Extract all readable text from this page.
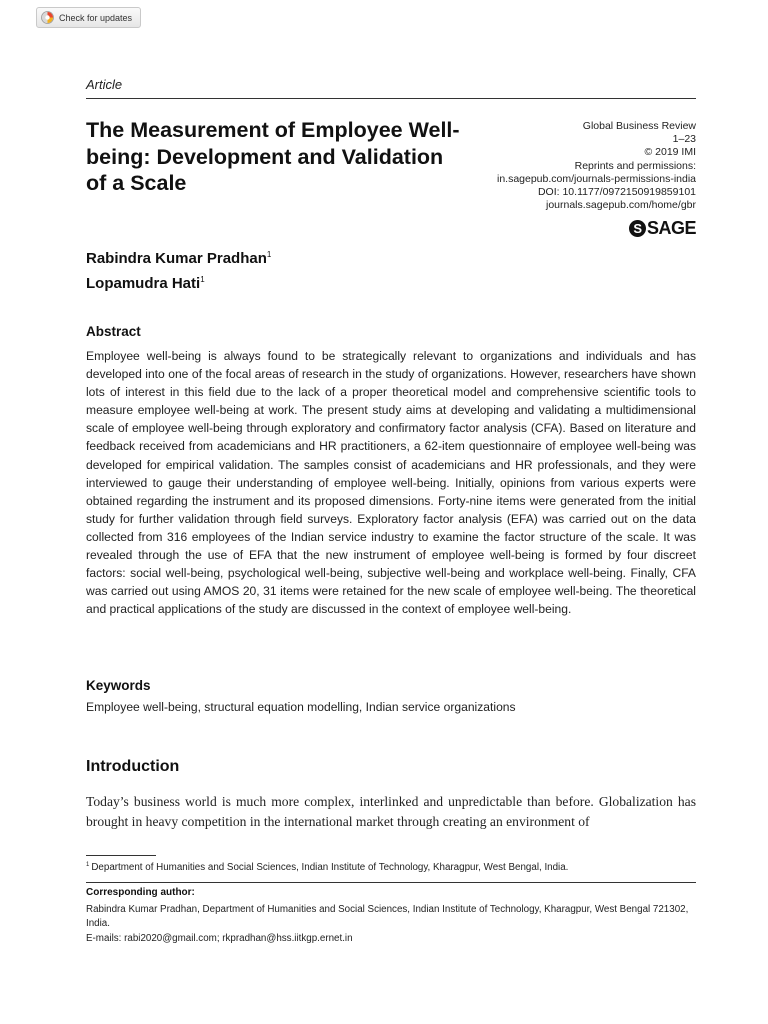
Check for updates
Article
The Measurement of Employee Well-being: Development and Validation of a Scale
Global Business Review
1–23
© 2019 IMI
Reprints and permissions:
in.sagepub.com/journals-permissions-india
DOI: 10.1177/0972150919859101
journals.sagepub.com/home/gbr
S SAGE
Rabindra Kumar Pradhan$^1$
Lopamudra Hati$^1$
Abstract

Employee well-being is always found to be strategically relevant to organizations and individuals and has developed into one of the focal areas of research in the study of organizations. However, researchers have shown lots of interest in this field due to the lack of a proper theoretical model and comprehensive scientific tools to measure employee well-being at work. The present study aims at developing and validating a multidimensional scale of employee well-being through exploratory and confirmatory factor analysis (CFA). Based on literature and feedback received from academicians and HR practitioners, a 62-item questionnaire of employee well-being was developed for empirical validation. The samples consist of academicians and HR professionals, and they were interviewed to gauge their understanding of employee well-being. Initially, opinions from various experts were obtained regarding the instrument and its proposed dimensions. Forty-nine items were generated from the initial study for further validation through field surveys. Exploratory factor analysis (EFA) was carried out on the data collected from 316 employees of the Indian service industry to examine the factor structure of the scale. It was revealed through the use of EFA that the new instrument of employee well-being is formed by four discreet factors: social well-being, psychological well-being, subjective well-being and workplace well-being. Finally, CFA was carried out using AMOS 20, 31 items were retained for the new scale of employee well-being. The theoretical and practical applications of the study are discussed in the context of employee well-being.

Keywords
Employee well-being, structural equation modelling, Indian service organizations
Introduction

Today’s business world is much more complex, interlinked and unpredictable than before. Globalization has brought in heavy competition in the international market through creating an environment of

$^1$ Department of Humanities and Social Sciences, Indian Institute of Technology, Kharagpur, West Bengal, India.
Corresponding author:

Rabindra Kumar Pradhan, Department of Humanities and Social Sciences, Indian Institute of Technology, Kharagpur, West Bengal 721302, India.

E-mails: rabi2020@gmail.com; rkpradhan@hss.iitkgp.ernet.in
